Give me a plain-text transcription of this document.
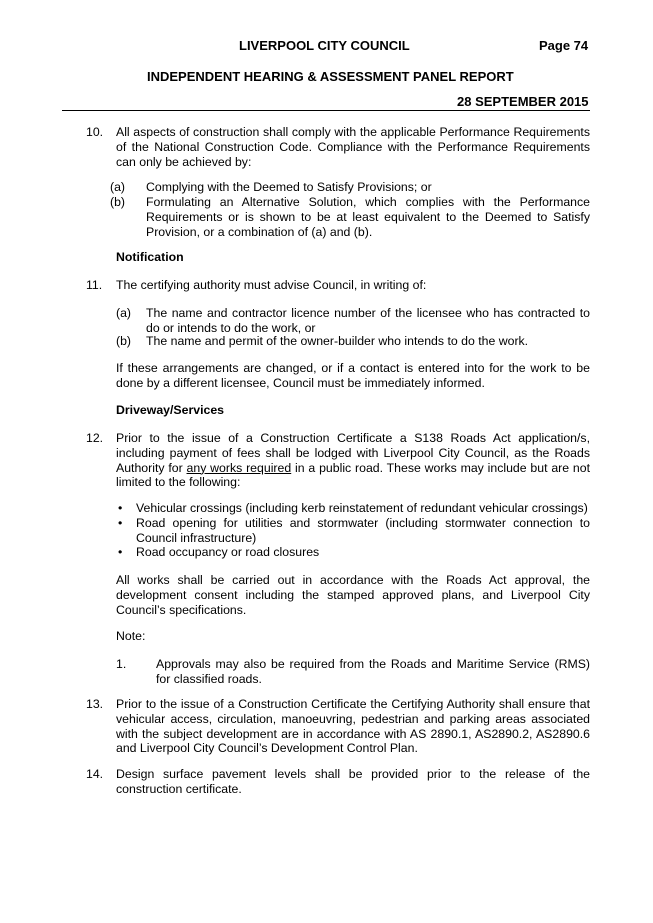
LIVERPOOL CITY COUNCIL	Page 74
INDEPENDENT HEARING & ASSESSMENT PANEL REPORT
28 SEPTEMBER 2015
10. All aspects of construction shall comply with the applicable Performance Requirements of the National Construction Code. Compliance with the Performance Requirements can only be achieved by:
(a) Complying with the Deemed to Satisfy Provisions; or
(b) Formulating an Alternative Solution, which complies with the Performance Requirements or is shown to be at least equivalent to the Deemed to Satisfy Provision, or a combination of (a) and (b).
Notification
11. The certifying authority must advise Council, in writing of:
(a) The name and contractor licence number of the licensee who has contracted to do or intends to do the work, or
(b) The name and permit of the owner-builder who intends to do the work.
If these arrangements are changed, or if a contact is entered into for the work to be done by a different licensee, Council must be immediately informed.
Driveway/Services
12. Prior to the issue of a Construction Certificate a S138 Roads Act application/s, including payment of fees shall be lodged with Liverpool City Council, as the Roads Authority for any works required in a public road. These works may include but are not limited to the following:
• Vehicular crossings (including kerb reinstatement of redundant vehicular crossings)
• Road opening for utilities and stormwater (including stormwater connection to Council infrastructure)
• Road occupancy or road closures
All works shall be carried out in accordance with the Roads Act approval, the development consent including the stamped approved plans, and Liverpool City Council’s specifications.
Note:
1. Approvals may also be required from the Roads and Maritime Service (RMS) for classified roads.
13. Prior to the issue of a Construction Certificate the Certifying Authority shall ensure that vehicular access, circulation, manoeuvring, pedestrian and parking areas associated with the subject development are in accordance with AS 2890.1, AS2890.2, AS2890.6 and Liverpool City Council’s Development Control Plan.
14. Design surface pavement levels shall be provided prior to the release of the construction certificate.
